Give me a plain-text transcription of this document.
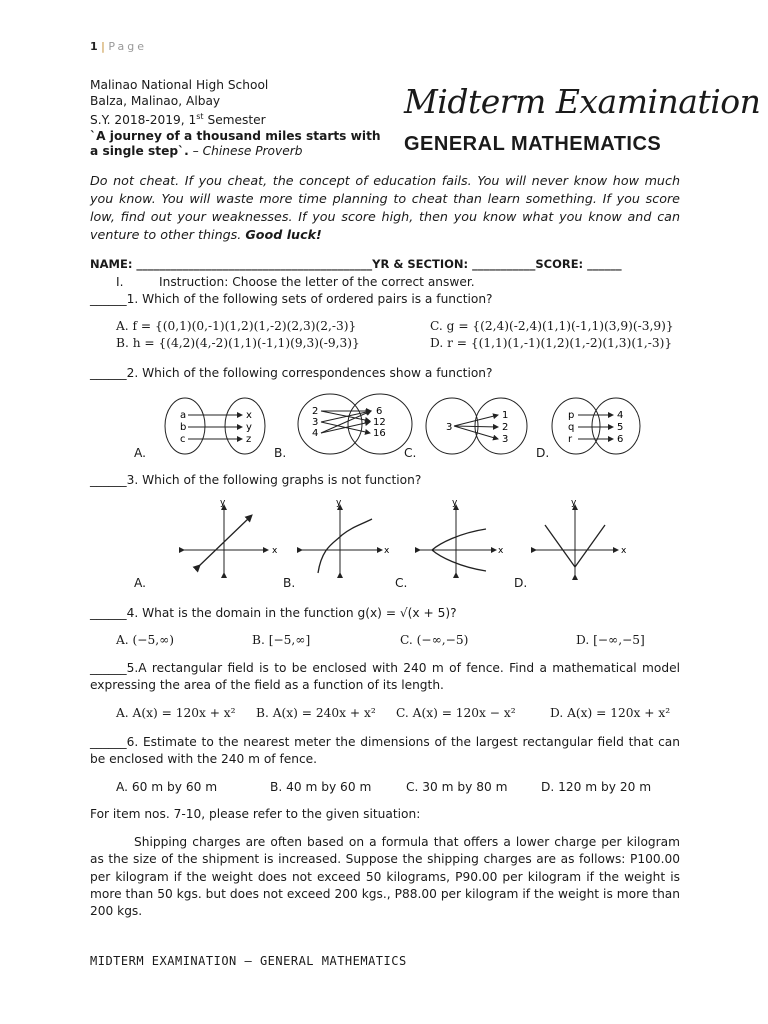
1 | Page

Malinao National High School

Balza, Malinao, Albay

S.Y. 2018-2019, 1st Semester

`A journey of a thousand miles starts with

a single step`. – Chinese Proverb

Midterm Examination
GENERAL MATHEMATICS
Do not cheat. If you cheat, the concept of education fails. You will never know how much you know. You will waste more time planning to cheat than learn something. If you score low, find out your weaknesses. If you score high, then you know what you know and can venture to other things. Good luck!
NAME: _________________________________________YR & SECTION: ___________SCORE: ______
I.	Instruction: Choose the letter of the correct answer.
______1. Which of the following sets of ordered pairs is a function?
A. f = {(0,1)(0,-1)(1,2)(1,-2)(2,3)(2,-3)}
B. h = {(4,2)(4,-2)(1,1)(-1,1)(9,3)(-9,3)}
C. g = {(2,4)(-2,4)(1,1)(-1,1)(3,9)(-3,9)}
D. r = {(1,1)(1,-1)(1,2)(1,-2)(1,3)(1,-3)}
______2. Which of the following correspondences show a function?
a
b
c
x
y
z
2
3
4
6
12
16
3
1
2
3
p
q
r
4
5
6
A.	B.	C.	D.
______3. Which of the following graphs is not function?
y
x
y
x
y
x
y
x
A.	B.	C.	D.
______4. What is the domain in the function g(x) = √(x + 5)?
A. (−5,∞)	B. [−5,∞]	C. (−∞,−5)	D. [−∞,−5]
______5.A rectangular field is to be enclosed with 240 m of fence. Find a mathematical model expressing the area of the field as a function of its length.
A. A(x) = 120x + x² B. A(x) = 240x + x² C. A(x) = 120x − x²	D. A(x) = 120x + x²
______6. Estimate to the nearest meter the dimensions of the largest rectangular field that can be enclosed with the 240 m of fence.
A. 60 m by 60 m	B. 40 m by 60 m	C. 30 m by 80 m	D. 120 m by 20 m
For item nos. 7-10, please refer to the given situation:
Shipping charges are often based on a formula that offers a lower charge per kilogram as the size of the shipment is increased. Suppose the shipping charges are as follows: P100.00 per kilogram if the weight does not exceed 50 kilograms, P90.00 per kilogram if the weight is more than 50 kgs. but does not exceed 200 kgs., P88.00 per kilogram if the weight is more than 200 kgs.
MIDTERM EXAMINATION – GENERAL MATHEMATICS
